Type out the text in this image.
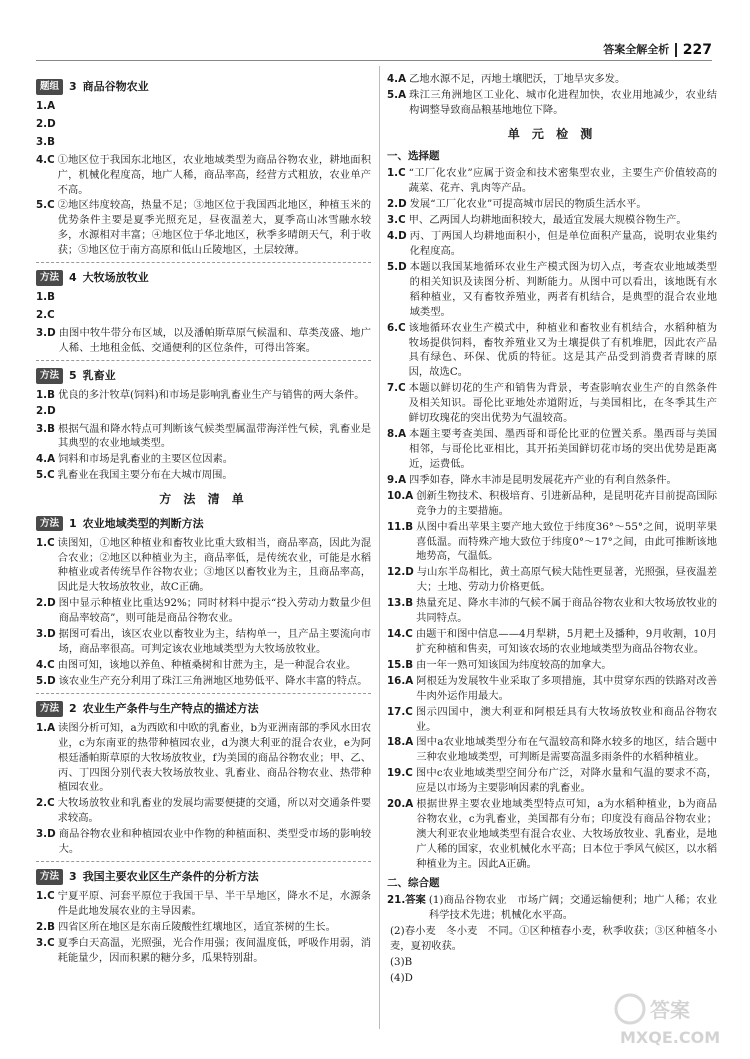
答案全解全析 227
题组 3 商品谷物农业
1.A
2.D
3.B
4.C ①地区位于我国东北地区，农业地域类型为商品谷物农业，耕地面积广，机械化程度高，地广人稀，商品率高，经营方式粗放，农业单产不高。
5.C ②地区纬度较高，热量不足；③地区位于我国西北地区，种植玉米的优势条件主要是夏季光照充足，昼夜温差大，夏季高山冰雪融水较多，水源相对丰富；④地区位于华北地区，秋季多晴朗天气，利于收获；⑤地区位于南方高原和低山丘陵地区，土层较薄。
方法 4 大牧场放牧业
1.B
2.C
3.D 由图中牧牛带分布区域，以及潘帕斯草原气候温和、草类茂盛、地广人稀、土地租金低、交通便利的区位条件，可得出答案。
方法 5 乳畜业
1.B 优良的多汁牧草(饲料)和市场是影响乳畜业生产与销售的两大条件。
2.D
3.B 根据气温和降水特点可判断该气候类型属温带海洋性气候，乳畜业是其典型的农业地域类型。
4.A 饲料和市场是乳畜业的主要区位因素。
5.C 乳畜业在我国主要分布在大城市周围。
方 法 清 单
方法 1 农业地域类型的判断方法
1.C 读图知，①地区种植业和畜牧业比重大致相当，商品率高，因此为混合农业；②地区以种植业为主，商品率低，是传统农业，可能是水稻种植业或者传统旱作谷物农业；③地区以畜牧业为主，且商品率高，因此是大牧场放牧业，故C正确。
2.D 图中显示种植业比重达92%；同时材料中提示“投入劳动力数量少但商品率较高”，则可能是商品谷物农业。
3.D 据图可看出，该区农业以畜牧业为主，结构单一，且产品主要流向市场，商品率很高。可判定该农业地域类型为大牧场放牧业。
4.C 由图可知，该地以养鱼、种植桑树和甘蔗为主，是一种混合农业。
5.D 该农业生产充分利用了珠江三角洲地区地势低平、降水丰富的特点。
方法 2 农业生产条件与生产特点的描述方法
1.A 读图分析可知，a为西欧和中欧的乳畜业，b为亚洲南部的季风水田农业，c为东南亚的热带种植园农业，d为澳大利亚的混合农业，e为阿根廷潘帕斯草原的大牧场放牧业，f为美国的商品谷物农业；甲、乙、丙、丁四图分别代表大牧场放牧业、乳畜业、商品谷物农业、热带种植园农业。
2.C 大牧场放牧业和乳畜业的发展均需要便捷的交通，所以对交通条件要求较高。
3.D 商品谷物农业和种植园农业中作物的种植面积、类型受市场的影响较大。
方法 3 我国主要农业区生产条件的分析方法
1.C 宁夏平原、河套平原位于我国干旱、半干旱地区，降水不足，水源条件是此地发展农业的主导因素。
2.B 四省区所在地区是东南丘陵酸性红壤地区，适宜茶树的生长。
3.C 夏季白天高温，光照强，光合作用强；夜间温度低，呼吸作用弱，消耗能量少，因而积累的糖分多，瓜果特别甜。
4.A 乙地水源不足，丙地土壤肥沃，丁地旱灾多发。
5.A 珠江三角洲地区工业化、城市化进程加快，农业用地减少，农业结构调整导致商品粮基地地位下降。
单 元 检 测
一、选择题
1.C “工厂化农业”应属于资金和技术密集型农业，主要生产价值较高的蔬菜、花卉、乳肉等产品。
2.D 发展“工厂化农业”可提高城市居民的物质生活水平。
3.C 甲、乙两国人均耕地面积较大，最适宜发展大规模谷物生产。
4.D 丙、丁两国人均耕地面积小，但是单位面积产量高，说明农业集约化程度高。
5.D 本题以我国某地循环农业生产模式图为切入点，考查农业地域类型的相关知识及读图分析、判断能力。从图中可以看出，该地既有水稻种植业，又有畜牧养殖业，两者有机结合，是典型的混合农业地域类型。
6.C 该地循环农业生产模式中，种植业和畜牧业有机结合，水稻种植为牧场提供饲料，畜牧养殖业又为土壤提供了有机堆肥，因此农产品具有绿色、环保、优质的特征。这是其产品受到消费者青睐的原因，故选C。
7.C 本题以鲜切花的生产和销售为背景，考查影响农业生产的自然条件及相关知识。哥伦比亚地处赤道附近，与美国相比，在冬季其生产鲜切玫瑰花的突出优势为气温较高。
8.A 本题主要考查美国、墨西哥和哥伦比亚的位置关系。墨西哥与美国相邻，与哥伦比亚相比，其开拓美国鲜切花市场的突出优势是距离近，运费低。
9.A 四季如春，降水丰沛是昆明发展花卉产业的有利自然条件。
10.A 创新生物技术、积极培育、引进新品种，是昆明花卉目前提高国际竞争力的主要措施。
11.B 从图中看出苹果主要产地大致位于纬度36°～55°之间，说明苹果喜低温。而特殊产地大致位于纬度0°～17°之间，由此可推断该地地势高，气温低。
12.D 与山东半岛相比，黄土高原气候大陆性更显著，光照强，昼夜温差大；土地、劳动力价格更低。
13.B 热量充足、降水丰沛的气候不属于商品谷物农业和大牧场放牧业的共同特点。
14.C 由题干和图中信息——4月犁耕，5月耙土及播种，9月收割，10月扩充种植和售卖，可知该农场的农业地域类型为商品谷物农业。
15.B 由一年一熟可知该国为纬度较高的加拿大。
16.A 阿根廷为发展牧牛业采取了多项措施，其中贯穿东西的铁路对改善牛肉外运作用最大。
17.C 图示四国中，澳大利亚和阿根廷具有大牧场放牧业和商品谷物农业。
18.A 图中a农业地域类型分布在气温较高和降水较多的地区，结合题中三种农业地域类型，可判断是需要高温多雨条件的水稻种植业。
19.C 图中c农业地域类型空间分布广泛，对降水量和气温的要求不高，应是以市场为主要影响因素的乳畜业。
20.A 根据世界主要农业地域类型特点可知，a为水稻种植业，b为商品谷物农业，c为乳畜业，美国都有分布；印度没有商品谷物农业；澳大利亚农业地域类型有混合农业、大牧场放牧业、乳畜业，是地广人稀的国家，农业机械化水平高；日本位于季风气候区，以水稻种植业为主。因此A正确。
二、综合题
21.答案 (1)商品谷物农业　市场广阔；交通运输便利；地广人稀；农业科学技术先进；机械化水平高。
(2)春小麦　冬小麦　不同。①区种植春小麦，秋季收获；③区种植冬小麦，夏初收获。
(3)B
(4)D
答案
MXQE.COM
